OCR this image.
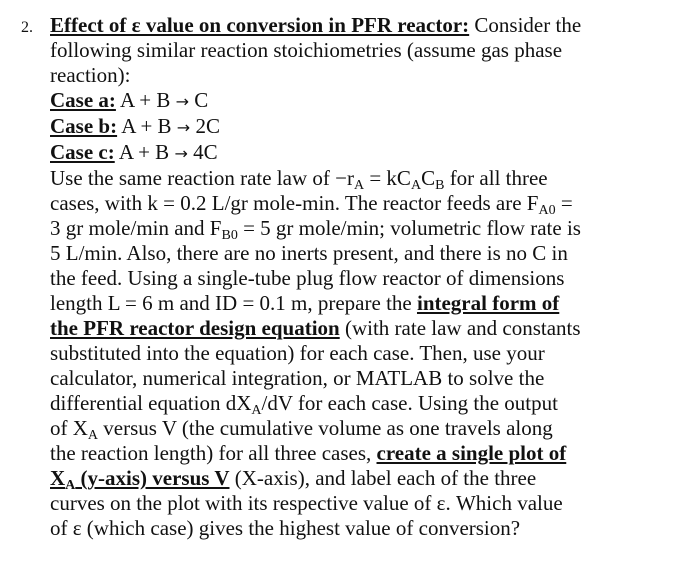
2. Effect of ε value on conversion in PFR reactor: Consider the
following similar reaction stoichiometries (assume gas phase
reaction):
Case a: A + B → C
Case b: A + B → 2C
Case c: A + B → 4C
Use the same reaction rate law of $-r_A = kC_AC_B$ for all three
cases, with k = 0.2 L/gr mole-min. The reactor feeds are $F_{A0}$ =
3 gr mole/min and $F_{B0} = 5$ gr mole/min; volumetric flow rate is
5 L/min. Also, there are no inerts present, and there is no C in
the feed. Using a single-tube plug flow reactor of dimensions
length L = 6 m and ID = 0.1 m, prepare the integral form of
the PFR reactor design equation (with rate law and constants
substituted into the equation) for each case. Then, use your
calculator, numerical integration, or MATLAB to solve the
differential equation $dX_A/dV$ for each case. Using the output
of $X_A$ versus V (the cumulative volume as one travels along
the reaction length) for all three cases, create a single plot of
$X_A$ (y-axis) versus V (X-axis), and label each of the three
curves on the plot with its respective value of ε. Which value
of ε (which case) gives the highest value of conversion?
